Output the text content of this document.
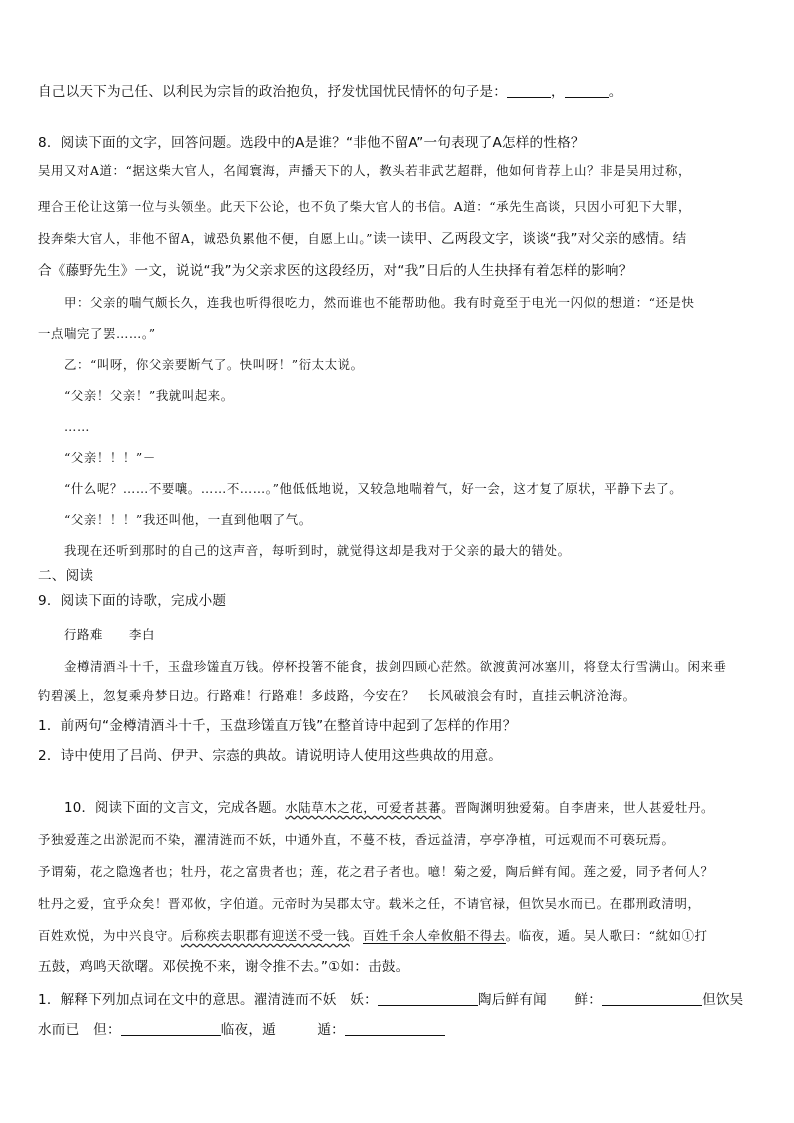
自己以天下为己任、以利民为宗旨的政治抱负，抒发忧国忧民情怀的句子是：	，	。
8．阅读下面的文字，回答问题。选段中的A是谁？“非他不留A”一句表现了A怎样的性格？
吴用又对A道：“据这柴大官人，名闻寰海，声播天下的人，教头若非武艺超群，他如何肯荐上山？非是吴用过称，
理合王伦让这第一位与头领坐。此天下公论，也不负了柴大官人的书信。A道：“承先生高谈，只因小可犯下大罪，
投奔柴大官人，非他不留A，诚恐负累他不便，自愿上山。”读一读甲、乙两段文字，谈谈“我”对父亲的感情。结
合《藤野先生》一文，说说“我”为父亲求医的这段经历，对“我”日后的人生抉择有着怎样的影响？
甲：父亲的喘气颇长久，连我也听得很吃力，然而谁也不能帮助他。我有时竟至于电光一闪似的想道：“还是快
一点喘完了罢……。”
乙：“叫呀，你父亲要断气了。快叫呀！”衍太太说。
“父亲！父亲！”我就叫起来。
……
“父亲！！！”－
“什么呢？……不要嚷。……不……。”他低低地说，又较急地喘着气，好一会，这才复了原状，平静下去了。
“父亲！！！”我还叫他，一直到他咽了气。
我现在还听到那时的自己的这声音，每听到时，就觉得这却是我对于父亲的最大的错处。
二、阅读
9．阅读下面的诗歌，完成小题
行路难 李白
金樽清酒斗十千，玉盘珍馐直万钱。停杯投箸不能食，拔剑四顾心茫然。欲渡黄河冰塞川，将登太行雪满山。闲来垂
钓碧溪上，忽复乘舟梦日边。行路难！行路难！多歧路，今安在？　长风破浪会有时，直挂云帆济沧海。
1．前两句“金樽清酒斗十千，玉盘珍馐直万钱”在整首诗中起到了怎样的作用？
2．诗中使用了吕尚、伊尹、宗悫的典故。请说明诗人使用这些典故的用意。
10．阅读下面的文言文，完成各题。水陆草木之花，可爱者甚蕃。晋陶渊明独爱菊。自李唐来，世人甚爱牡丹。
予独爱莲之出淤泥而不染，濯清涟而不妖，中通外直，不蔓不枝，香远益清，亭亭净植，可远观而不可亵玩焉。
予谓菊，花之隐逸者也；牡丹，花之富贵者也；莲，花之君子者也。噫！菊之爱，陶后鲜有闻。莲之爱，同予者何人？
牡丹之爱，宜乎众矣！晋邓攸，字伯道。元帝时为吴郡太守。载米之任，不请官禄，但饮吴水而已。在郡刑政清明，
百姓欢悦，为中兴良守。后称疾去职郡有迎送不受一钱。百姓千余人牵攸船不得去。临夜，遁。吴人歌曰：“紞如①打
五鼓，鸡鸣天欲曙。邓侯挽不来，谢令推不去。”①如：击鼓。
1．解释下列加点词在文中的意思。濯清涟而不妖　妖：	陶后鲜有闻　　鲜：	但饮吴
水而已　但：	临夜，遁　　　遁：
